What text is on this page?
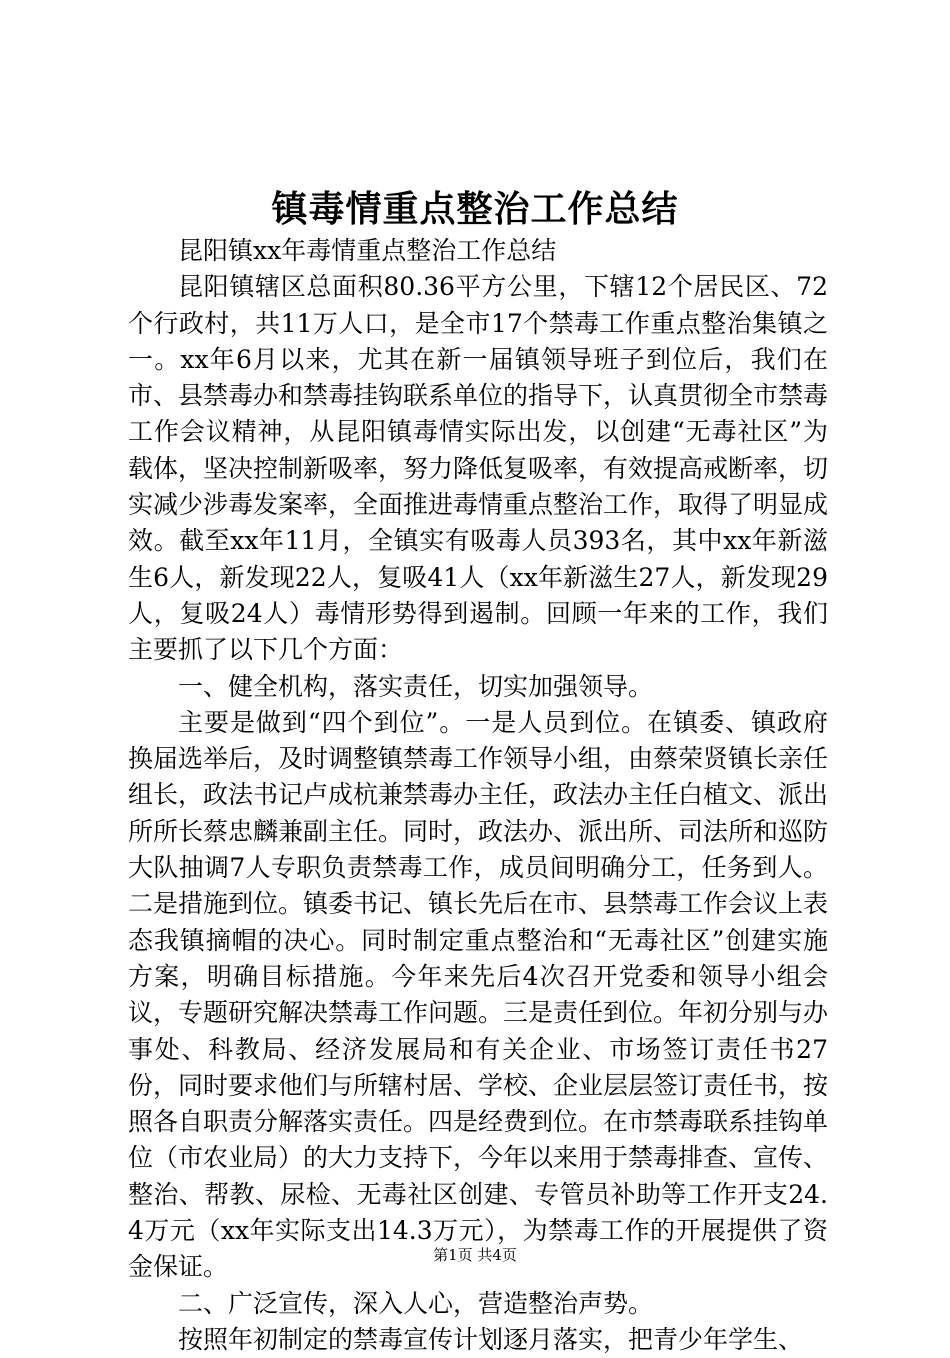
镇毒情重点整治工作总结

昆阳镇xx年毒情重点整治工作总结

昆阳镇辖区总面积80.36平方公里，下辖12个居民区、72个行政村，共11万人口，是全市17个禁毒工作重点整治集镇之一。xx年6月以来，尤其在新一届镇领导班子到位后，我们在市、县禁毒办和禁毒挂钩联系单位的指导下，认真贯彻全市禁毒工作会议精神，从昆阳镇毒情实际出发，以创建“无毒社区”为载体，坚决控制新吸率，努力降低复吸率，有效提高戒断率，切实减少涉毒发案率，全面推进毒情重点整治工作，取得了明显成效。截至xx年11月，全镇实有吸毒人员393名，其中xx年新滋生6人，新发现22人，复吸41人（xx年新滋生27人，新发现29人，复吸24人）毒情形势得到遏制。回顾一年来的工作，我们主要抓了以下几个方面：

一、健全机构，落实责任，切实加强领导。

主要是做到“四个到位”。一是人员到位。在镇委、镇政府换届选举后，及时调整镇禁毒工作领导小组，由蔡荣贤镇长亲任组长，政法书记卢成杭兼禁毒办主任，政法办主任白植文、派出所所长蔡忠麟兼副主任。同时，政法办、派出所、司法所和巡防大队抽调7人专职负责禁毒工作，成员间明确分工，任务到人。二是措施到位。镇委书记、镇长先后在市、县禁毒工作会议上表态我镇摘帽的决心。同时制定重点整治和“无毒社区”创建实施方案，明确目标措施。今年来先后4次召开党委和领导小组会议，专题研究解决禁毒工作问题。三是责任到位。年初分别与办事处、科教局、经济发展局和有关企业、市场签订责任书27份，同时要求他们与所辖村居、学校、企业层层签订责任书，按照各自职责分解落实责任。四是经费到位。在市禁毒联系挂钩单位（市农业局）的大力支持下，今年以来用于禁毒排查、宣传、整治、帮教、尿检、无毒社区创建、专管员补助等工作开支24.4万元（xx年实际支出14.3万元），为禁毒工作的开展提供了资金保证。

二、广泛宣传，深入人心，营造整治声势。

按照年初制定的禁毒宣传计划逐月落实，把青少年学生、

第1页 共4页
